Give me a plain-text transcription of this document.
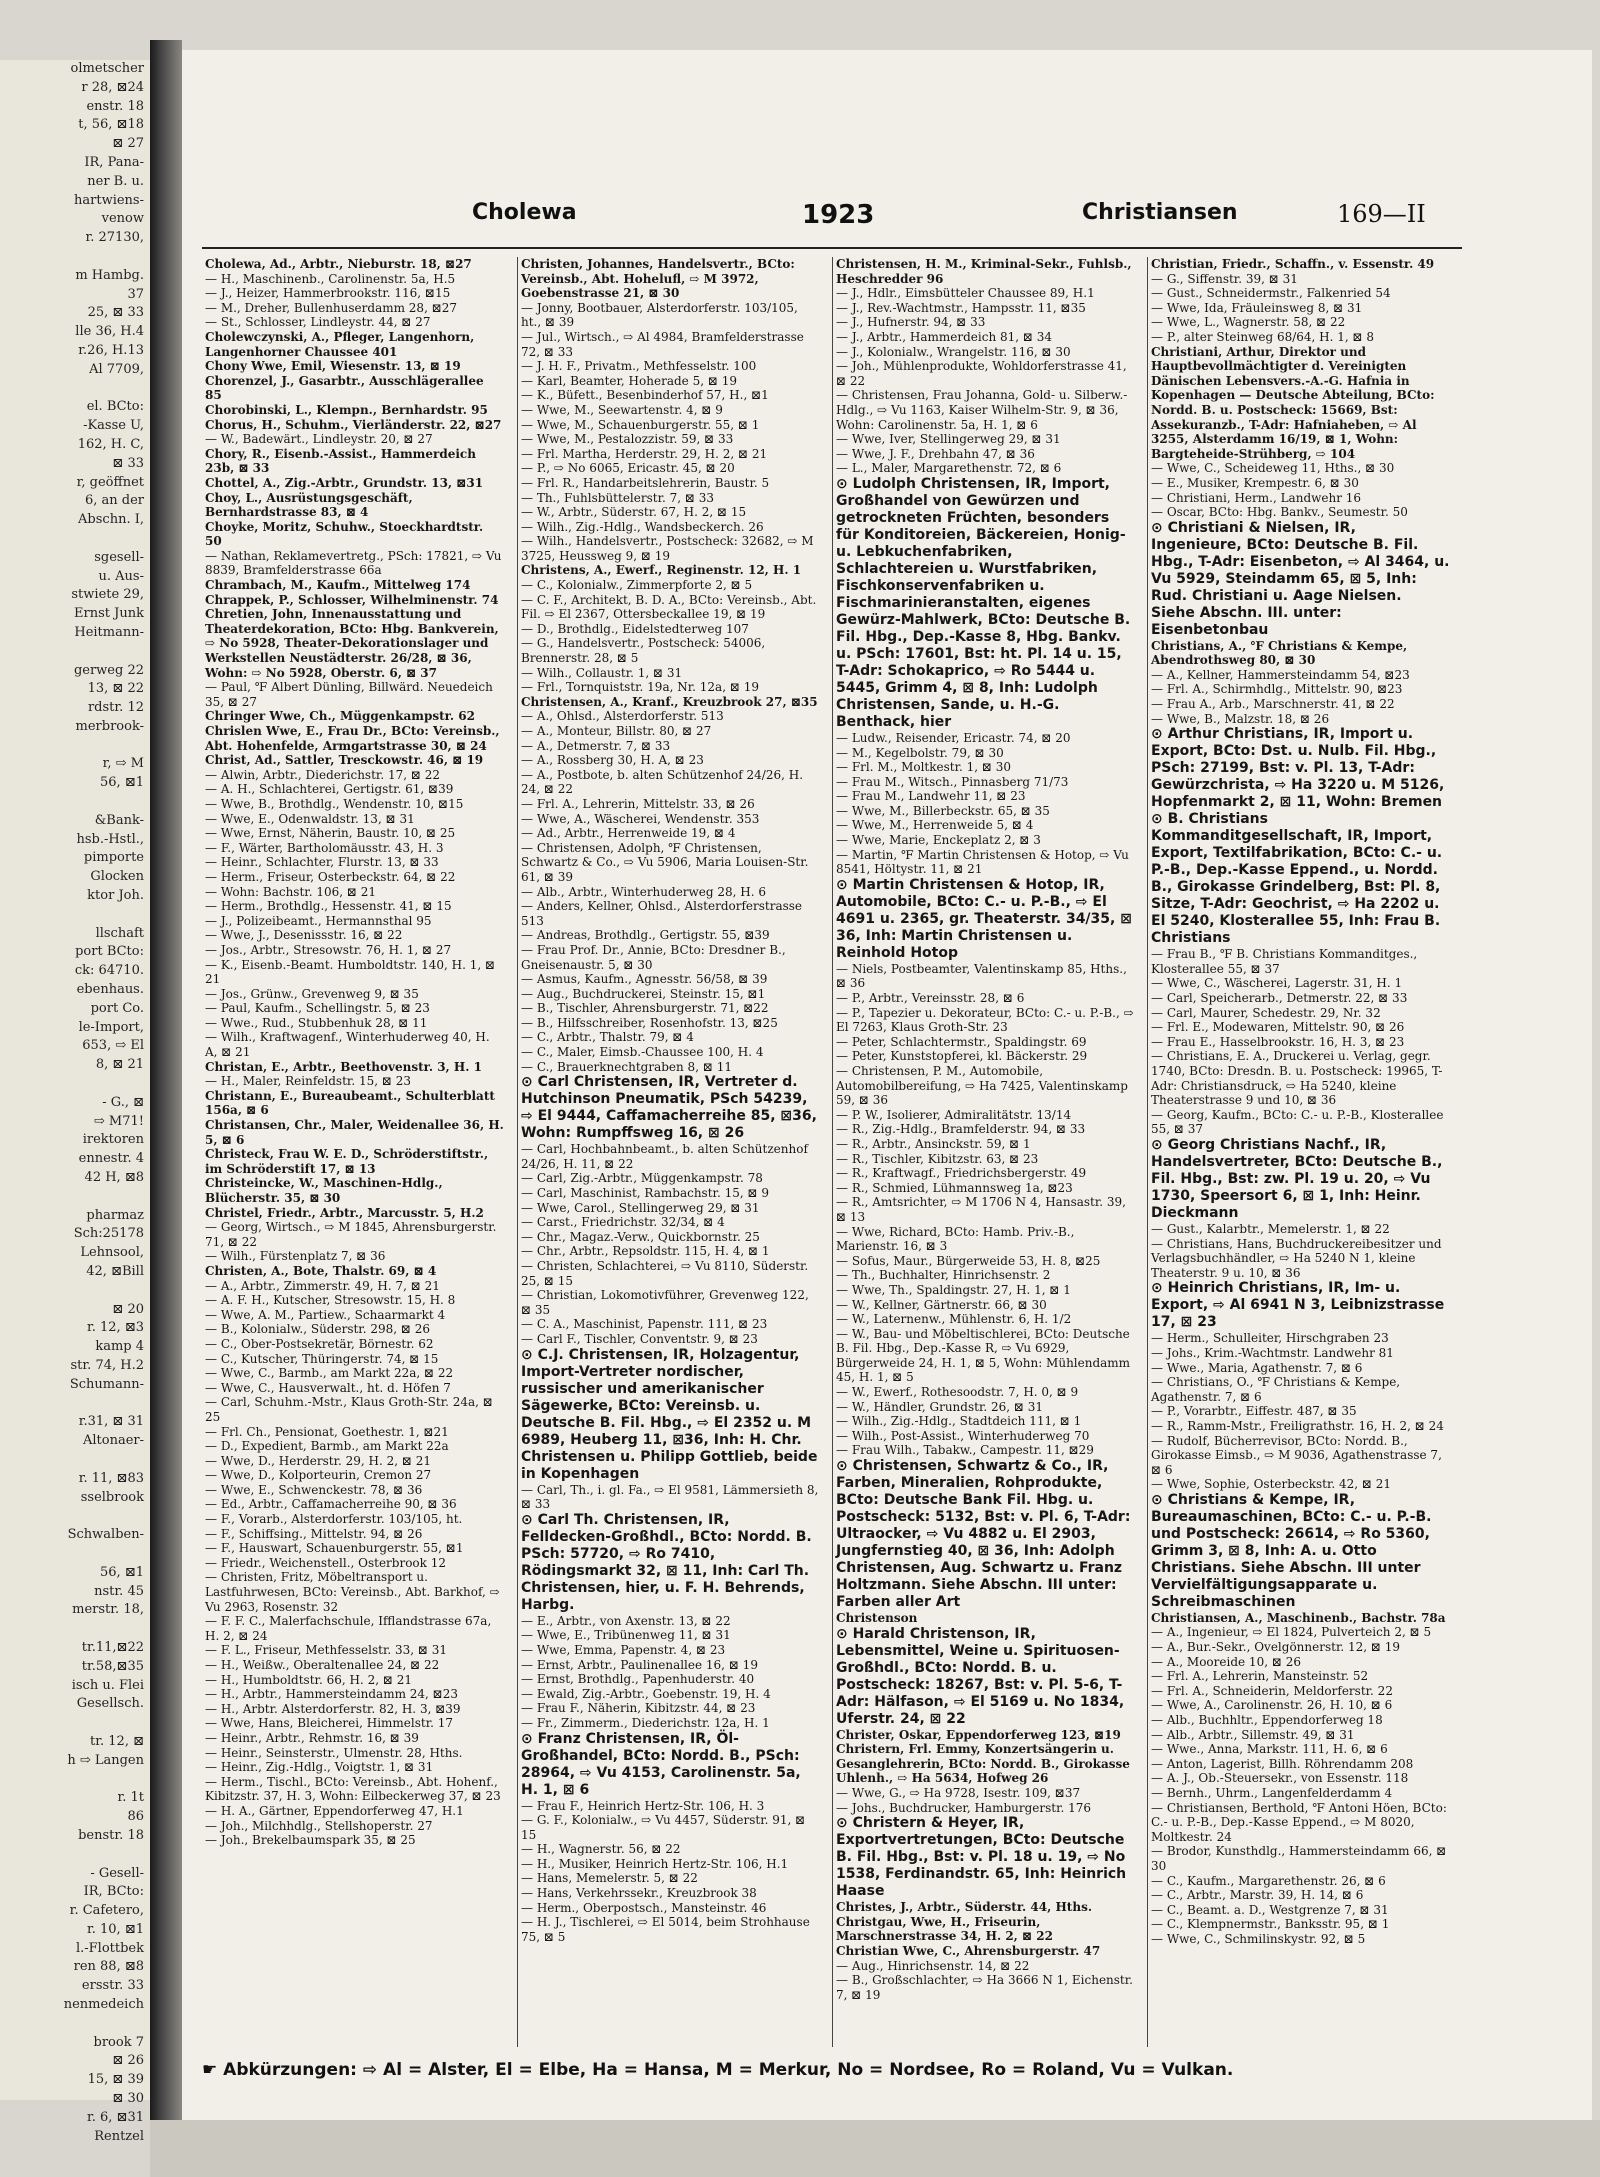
olmetscher
r 28, ⊠24
enstr. 18
t, 56, ⊠18
⊠ 27
IR, Pana-
ner B. u.
hartwiens-
venow
r. 27130,

m Hambg.
37
25, ⊠ 33
lle 36, H.4
r.26, H.13
Al 7709,

el. BCto:
-Kasse U,
162, H. C,
⊠ 33
r, geöffnet
6, an der
Abschn. I,

sgesell-
u. Aus-
stwiete 29,
Ernst Junk
Heitmann-

gerweg 22
13, ⊠ 22
rdstr. 12
merbrook-

r, ⇨ M
56, ⊠1

&Bank-
hsb.-Hstl.,
pimporte
Glocken
ktor Joh.

llschaft
port BCto:
ck: 64710.
ebenhaus.
port Co.
le-Import,
653, ⇨ El
8, ⊠ 21

- G., ⊠
⇨ M71!
irektoren
ennestr. 4
42 H, ⊠8

pharmaz
Sch:25178
Lehnsool,
42, ⊠Bill

⊠ 20
r. 12, ⊠3
kamp 4
str. 74, H.2
Schumann-

r.31, ⊠ 31
Altonaer-

r. 11, ⊠83
sselbrook

Schwalben-

56, ⊠1
nstr. 45
merstr. 18,

tr.11,⊠22
tr.58,⊠35
isch u. Flei
Gesellsch.

tr. 12, ⊠
h ⇨ Langen

r. 1t
86
benstr. 18

- Gesell-
IR, BCto:
r. Cafetero,
r. 10, ⊠1
l.-Flottbek
ren 88, ⊠8
ersstr. 33
nenmedeich

brook 7
⊠ 26
15, ⊠ 39
⊠ 30
r. 6, ⊠31
Rentzel
Cholewa	1923	Christiansen	169—II
Cholewa, Ad., Arbtr., Nieburstr. 18, ⊠27
— H., Maschinenb., Carolinenstr. 5a, H.5
— J., Heizer, Hammerbrookstr. 116, ⊠15
— M., Dreher, Bullenhuserdamm 28, ⊠27
— St., Schlosser, Lindleystr. 44, ⊠ 27
Cholewczynski, A., Pfleger, Langenhorn, Langenhorner Chaussee 401
Chony Wwe, Emil, Wiesenstr. 13, ⊠ 19
Chorenzel, J., Gasarbtr., Ausschlägerallee 85
Chorobinski, L., Klempn., Bernhardstr. 95
Chorus, H., Schuhm., Vierländerstr. 22, ⊠27
— W., Badewärt., Lindleystr. 20, ⊠ 27
Chory, R., Eisenb.-Assist., Hammerdeich 23b, ⊠ 33
Chottel, A., Zig.-Arbtr., Grundstr. 13, ⊠31
Choy, L., Ausrüstungsgeschäft, Bernhardstrasse 83, ⊠ 4
Choyke, Moritz, Schuhw., Stoeckhardtstr. 50
— Nathan, Reklamevertretg., PSch: 17821, ⇨ Vu 8839, Bramfelderstrasse 66a
Chrambach, M., Kaufm., Mittelweg 174
Chrappek, P., Schlosser, Wilhelminenstr. 74
Chretien, John, Innenausstattung und Theaterdekoration, BCto: Hbg. Bankverein, ⇨ No 5928, Theater-Dekorationslager und Werkstellen Neustädterstr. 26/28, ⊠ 36, Wohn: ⇨ No 5928, Oberstr. 6, ⊠ 37
— Paul, ℉ Albert Dünling, Billwärd. Neuedeich 35, ⊠ 27
Chringer Wwe, Ch., Müggenkampstr. 62
Chrislen Wwe, E., Frau Dr., BCto: Vereinsb., Abt. Hohenfelde, Armgartstrasse 30, ⊠ 24
Christ, Ad., Sattler, Tresckowstr. 46, ⊠ 19
— Alwin, Arbtr., Diederichstr. 17, ⊠ 22
— A. H., Schlachterei, Gertigstr. 61, ⊠39
— Wwe, B., Brothdlg., Wendenstr. 10, ⊠15
— Wwe, E., Odenwaldstr. 13, ⊠ 31
— Wwe, Ernst, Näherin, Baustr. 10, ⊠ 25
— F., Wärter, Bartholomäusstr. 43, H. 3
— Heinr., Schlachter, Flurstr. 13, ⊠ 33
— Herm., Friseur, Osterbeckstr. 64, ⊠ 22
— Wohn: Bachstr. 106, ⊠ 21
— Herm., Brothdlg., Hessenstr. 41, ⊠ 15
— J., Polizeibeamt., Hermannsthal 95
— Wwe, J., Desenissstr. 16, ⊠ 22
— Jos., Arbtr., Stresowstr. 76, H. 1, ⊠ 27
— K., Eisenb.-Beamt. Humboldtstr. 140, H. 1, ⊠ 21
— Jos., Grünw., Grevenweg 9, ⊠ 35
— Paul, Kaufm., Schellingstr. 5, ⊠ 23
— Wwe., Rud., Stubbenhuk 28, ⊠ 11
— Wilh., Kraftwagenf., Winterhuderweg 40, H. A, ⊠ 21
Christan, E., Arbtr., Beethovenstr. 3, H. 1
— H., Maler, Reinfeldstr. 15, ⊠ 23
Christann, E., Bureaubeamt., Schulterblatt 156a, ⊠ 6
Christansen, Chr., Maler, Weidenallee 36, H. 5, ⊠ 6
Christeck, Frau W. E. D., Schröderstiftstr., im Schröderstift 17, ⊠ 13
Christeincke, W., Maschinen-Hdlg., Blücherstr. 35, ⊠ 30
Christel, Friedr., Arbtr., Marcusstr. 5, H.2
— Georg, Wirtsch., ⇨ M 1845, Ahrensburgerstr. 71, ⊠ 22
— Wilh., Fürstenplatz 7, ⊠ 36
Christen, A., Bote, Thalstr. 69, ⊠ 4
— A., Arbtr., Zimmerstr. 49, H. 7, ⊠ 21
— A. F. H., Kutscher, Stresowstr. 15, H. 8
— Wwe, A. M., Partiew., Schaarmarkt 4
— B., Kolonialw., Süderstr. 298, ⊠ 26
— C., Ober-Postsekretär, Börnestr. 62
— C., Kutscher, Thüringerstr. 74, ⊠ 15
— Wwe, C., Barmb., am Markt 22a, ⊠ 22
— Wwe, C., Hausverwalt., ht. d. Höfen 7
— Carl, Schuhm.-Mstr., Klaus Groth-Str. 24a, ⊠ 25
— Frl. Ch., Pensionat, Goethestr. 1, ⊠21
— D., Expedient, Barmb., am Markt 22a
— Wwe, D., Herderstr. 29, H. 2, ⊠ 21
— Wwe, D., Kolporteurin, Cremon 27
— Wwe, E., Schwenckestr. 78, ⊠ 36
— Ed., Arbtr., Caffamacherreihe 90, ⊠ 36
— F., Vorarb., Alsterdorferstr. 103/105, ht.
— F., Schiffsing., Mittelstr. 94, ⊠ 26
— F., Hauswart, Schauenburgerstr. 55, ⊠1
— Friedr., Weichenstell., Osterbrook 12
— Christen, Fritz, Möbeltransport u. Lastfuhrwesen, BCto: Vereinsb., Abt. Barkhof, ⇨ Vu 2963, Rosenstr. 32
— F. F. C., Malerfachschule, Ifflandstrasse 67a, H. 2, ⊠ 24
— F. L., Friseur, Methfesselstr. 33, ⊠ 31
— H., Weißw., Oberaltenallee 24, ⊠ 22
— H., Humboldtstr. 66, H. 2, ⊠ 21
— H., Arbtr., Hammersteindamm 24, ⊠23
— H., Arbtr. Alsterdorferstr. 82, H. 3, ⊠39
— Wwe, Hans, Bleicherei, Himmelstr. 17
— Heinr., Arbtr., Rehmstr. 16, ⊠ 39
— Heinr., Seinsterstr., Ulmenstr. 28, Hths.
— Heinr., Zig.-Hdlg., Voigtstr. 1, ⊠ 31
— Herm., Tischl., BCto: Vereinsb., Abt. Hohenf., Kibitzstr. 37, H. 3, Wohn: Eilbeckerweg 37, ⊠ 23
— H. A., Gärtner, Eppendorferweg 47, H.1
— Joh., Milchhdlg., Stellshoperstr. 27
— Joh., Brekelbaumspark 35, ⊠ 25
Christen, Johannes, Handelsvertr., BCto: Vereinsb., Abt. Hohelufl, ⇨ M 3972, Goebenstrasse 21, ⊠ 30
— Jonny, Bootbauer, Alsterdorferstr. 103/105, ht., ⊠ 39
— Jul., Wirtsch., ⇨ Al 4984, Bramfelderstrasse 72, ⊠ 33
— J. H. F., Privatm., Methfesselstr. 100
— Karl, Beamter, Hoherade 5, ⊠ 19
— K., Büfett., Besenbinderhof 57, H., ⊠1
— Wwe, M., Seewartenstr. 4, ⊠ 9
— Wwe, M., Schauenburgerstr. 55, ⊠ 1
— Wwe, M., Pestalozzistr. 59, ⊠ 33
— Frl. Martha, Herderstr. 29, H. 2, ⊠ 21
— P., ⇨ No 6065, Ericastr. 45, ⊠ 20
— Frl. R., Handarbeitslehrerin, Baustr. 5
— Th., Fuhlsbüttelerstr. 7, ⊠ 33
— W., Arbtr., Süderstr. 67, H. 2, ⊠ 15
— Wilh., Zig.-Hdlg., Wandsbeckerch. 26
— Wilh., Handelsvertr., Postscheck: 32682, ⇨ M 3725, Heussweg 9, ⊠ 19
Christens, A., Ewerf., Reginenstr. 12, H. 1
— C., Kolonialw., Zimmerpforte 2, ⊠ 5
— C. F., Architekt, B. D. A., BCto: Vereinsb., Abt. Fil. ⇨ El 2367, Ottersbeckallee 19, ⊠ 19
— D., Brothdlg., Eidelstedterweg 107
— G., Handelsvertr., Postscheck: 54006, Brennerstr. 28, ⊠ 5
— Wilh., Collaustr. 1, ⊠ 31
— Frl., Tornquiststr. 19a, Nr. 12a, ⊠ 19
Christensen, A., Kranf., Kreuzbrook 27, ⊠35
— A., Ohlsd., Alsterdorferstr. 513
— A., Monteur, Billstr. 80, ⊠ 27
— A., Detmerstr. 7, ⊠ 33
— A., Rossberg 30, H. A, ⊠ 23
— A., Postbote, b. alten Schützenhof 24/26, H. 24, ⊠ 22
— Frl. A., Lehrerin, Mittelstr. 33, ⊠ 26
— Wwe, A., Wäscherei, Wendenstr. 353
— Ad., Arbtr., Herrenweide 19, ⊠ 4
— Christensen, Adolph, ℉ Christensen, Schwartz & Co., ⇨ Vu 5906, Maria Louisen-Str. 61, ⊠ 39
— Alb., Arbtr., Winterhuderweg 28, H. 6
— Anders, Kellner, Ohlsd., Alsterdorferstrasse 513
— Andreas, Brothdlg., Gertigstr. 55, ⊠39
— Frau Prof. Dr., Annie, BCto: Dresdner B., Gneisenaustr. 5, ⊠ 30
— Asmus, Kaufm., Agnesstr. 56/58, ⊠ 39
— Aug., Buchdruckerei, Steinstr. 15, ⊠1
— B., Tischler, Ahrensburgerstr. 71, ⊠22
— B., Hilfsschreiber, Rosenhofstr. 13, ⊠25
— C., Arbtr., Thalstr. 79, ⊠ 4
— C., Maler, Eimsb.-Chaussee 100, H. 4
— C., Brauerknechtgraben 8, ⊠ 11
⊙ Carl Christensen, IR, Vertreter d. Hutchinson Pneumatik, PSch 54239, ⇨ El 9444, Caffamacherreihe 85, ⊠36, Wohn: Rumpffsweg 16, ⊠ 26
— Carl, Hochbahnbeamt., b. alten Schützenhof 24/26, H. 11, ⊠ 22
— Carl, Zig.-Arbtr., Müggenkampstr. 78
— Carl, Maschinist, Rambachstr. 15, ⊠ 9
— Wwe, Carol., Stellingerweg 29, ⊠ 31
— Carst., Friedrichstr. 32/34, ⊠ 4
— Chr., Magaz.-Verw., Quickbornstr. 25
— Chr., Arbtr., Repsoldstr. 115, H. 4, ⊠ 1
— Christen, Schlachterei, ⇨ Vu 8110, Süderstr. 25, ⊠ 15
— Christian, Lokomotivführer, Grevenweg 122, ⊠ 35
— C. A., Maschinist, Papenstr. 111, ⊠ 23
— Carl F., Tischler, Conventstr. 9, ⊠ 23
⊙ C.J. Christensen, IR, Holzagentur, Import-Vertreter nordischer, russischer und amerikanischer Sägewerke, BCto: Vereinsb. u. Deutsche B. Fil. Hbg., ⇨ El 2352 u. M 6989, Heuberg 11, ⊠36, Inh: H. Chr. Christensen u. Philipp Gottlieb, beide in Kopenhagen
— Carl, Th., i. gl. Fa., ⇨ El 9581, Lämmersieth 8, ⊠ 33
⊙ Carl Th. Christensen, IR, Felldecken-Großhdl., BCto: Nordd. B. PSch: 57720, ⇨ Ro 7410, Rödingsmarkt 32, ⊠ 11, Inh: Carl Th. Christensen, hier, u. F. H. Behrends, Harbg.
— E., Arbtr., von Axenstr. 13, ⊠ 22
— Wwe, E., Tribünenweg 11, ⊠ 31
— Wwe, Emma, Papenstr. 4, ⊠ 23
— Ernst, Arbtr., Paulinenallee 16, ⊠ 19
— Ernst, Brothdlg., Papenhuderstr. 40
— Ewald, Zig.-Arbtr., Goebenstr. 19, H. 4
— Frau F., Näherin, Kibitzstr. 44, ⊠ 23
— Fr., Zimmerm., Diederichstr. 12a, H. 1
⊙ Franz Christensen, IR, Öl-Großhandel, BCto: Nordd. B., PSch: 28964, ⇨ Vu 4153, Carolinenstr. 5a, H. 1, ⊠ 6
— Frau F., Heinrich Hertz-Str. 106, H. 3
— G. F., Kolonialw., ⇨ Vu 4457, Süderstr. 91, ⊠ 15
— H., Wagnerstr. 56, ⊠ 22
— H., Musiker, Heinrich Hertz-Str. 106, H.1
— Hans, Memelerstr. 5, ⊠ 22
— Hans, Verkehrssekr., Kreuzbrook 38
— Herm., Oberpostsch., Mansteinstr. 46
— H. J., Tischlerei, ⇨ El 5014, beim Strohhause 75, ⊠ 5
Christensen, H. M., Kriminal-Sekr., Fuhlsb., Heschredder 96
— J., Hdlr., Eimsbütteler Chaussee 89, H.1
— J., Rev.-Wachtmstr., Hampsstr. 11, ⊠35
— J., Hufnerstr. 94, ⊠ 33
— J., Arbtr., Hammerdeich 81, ⊠ 34
— J., Kolonialw., Wrangelstr. 116, ⊠ 30
— Joh., Mühlenprodukte, Wohldorferstrasse 41, ⊠ 22
— Christensen, Frau Johanna, Gold- u. Silberw.-Hdlg., ⇨ Vu 1163, Kaiser Wilhelm-Str. 9, ⊠ 36, Wohn: Carolinenstr. 5a, H. 1, ⊠ 6
— Wwe, Iver, Stellingerweg 29, ⊠ 31
— Wwe, J. F., Drehbahn 47, ⊠ 36
— L., Maler, Margarethenstr. 72, ⊠ 6
⊙ Ludolph Christensen, IR, Import, Großhandel von Gewürzen und getrockneten Früchten, besonders für Konditoreien, Bäckereien, Honig- u. Lebkuchenfabriken, Schlachtereien u. Wurstfabriken, Fischkonservenfabriken u. Fischmarinieranstalten, eigenes Gewürz-Mahlwerk, BCto: Deutsche B. Fil. Hbg., Dep.-Kasse 8, Hbg. Bankv. u. PSch: 17601, Bst: ht. Pl. 14 u. 15, T-Adr: Schokaprico, ⇨ Ro 5444 u. 5445, Grimm 4, ⊠ 8, Inh: Ludolph Christensen, Sande, u. H.-G. Benthack, hier
— Ludw., Reisender, Ericastr. 74, ⊠ 20
— M., Kegelbolstr. 79, ⊠ 30
— Frl. M., Moltkestr. 1, ⊠ 30
— Frau M., Witsch., Pinnasberg 71/73
— Frau M., Landwehr 11, ⊠ 23
— Wwe, M., Billerbeckstr. 65, ⊠ 35
— Wwe, M., Herrenweide 5, ⊠ 4
— Wwe, Marie, Enckeplatz 2, ⊠ 3
— Martin, ℉ Martin Christensen & Hotop, ⇨ Vu 8541, Höltystr. 11, ⊠ 21
⊙ Martin Christensen & Hotop, IR, Automobile, BCto: C.- u. P.-B., ⇨ El 4691 u. 2365, gr. Theaterstr. 34/35, ⊠ 36, Inh: Martin Christensen u. Reinhold Hotop
— Niels, Postbeamter, Valentinskamp 85, Hths., ⊠ 36
— P., Arbtr., Vereinsstr. 28, ⊠ 6
— P., Tapezier u. Dekorateur, BCto: C.- u. P.-B., ⇨ El 7263, Klaus Groth-Str. 23
— Peter, Schlachtermstr., Spaldingstr. 69
— Peter, Kunststopferei, kl. Bäckerstr. 29
— Christensen, P. M., Automobile, Automobilbereifung, ⇨ Ha 7425, Valentinskamp 59, ⊠ 36
— P. W., Isolierer, Admiralitätstr. 13/14
— R., Zig.-Hdlg., Bramfelderstr. 94, ⊠ 33
— R., Arbtr., Ansinckstr. 59, ⊠ 1
— R., Tischler, Kibitzstr. 63, ⊠ 23
— R., Kraftwagf., Friedrichsbergerstr. 49
— R., Schmied, Lühmannsweg 1a, ⊠23
— R., Amtsrichter, ⇨ M 1706 N 4, Hansastr. 39, ⊠ 13
— Wwe, Richard, BCto: Hamb. Priv.-B., Marienstr. 16, ⊠ 3
— Sofus, Maur., Bürgerweide 53, H. 8, ⊠25
— Th., Buchhalter, Hinrichsenstr. 2
— Wwe, Th., Spaldingstr. 27, H. 1, ⊠ 1
— W., Kellner, Gärtnerstr. 66, ⊠ 30
— W., Laternenw., Mühlenstr. 6, H. 1/2
— W., Bau- und Möbeltischlerei, BCto: Deutsche B. Fil. Hbg., Dep.-Kasse R, ⇨ Vu 6929, Bürgerweide 24, H. 1, ⊠ 5, Wohn: Mühlendamm 45, H. 1, ⊠ 5
— W., Ewerf., Rothesoodstr. 7, H. 0, ⊠ 9
— W., Händler, Grundstr. 26, ⊠ 31
— Wilh., Zig.-Hdlg., Stadtdeich 111, ⊠ 1
— Wilh., Post-Assist., Winterhuderweg 70
— Frau Wilh., Tabakw., Campestr. 11, ⊠29
⊙ Christensen, Schwartz & Co., IR, Farben, Mineralien, Rohprodukte, BCto: Deutsche Bank Fil. Hbg. u. Postscheck: 5132, Bst: v. Pl. 6, T-Adr: Ultraocker, ⇨ Vu 4882 u. El 2903, Jungfernstieg 40, ⊠ 36, Inh: Adolph Christensen, Aug. Schwartz u. Franz Holtzmann. Siehe Abschn. III unter: Farben aller Art
Christenson
⊙ Harald Christenson, IR, Lebensmittel, Weine u. Spirituosen-Großhdl., BCto: Nordd. B. u. Postscheck: 18267, Bst: v. Pl. 5-6, T-Adr: Hälfason, ⇨ El 5169 u. No 1834, Uferstr. 24, ⊠ 22
Christer, Oskar, Eppendorferweg 123, ⊠19
Christern, Frl. Emmy, Konzertsängerin u. Gesanglehrerin, BCto: Nordd. B., Girokasse Uhlenh., ⇨ Ha 5634, Hofweg 26
— Wwe, G., ⇨ Ha 9728, Isestr. 109, ⊠37
— Johs., Buchdrucker, Hamburgerstr. 176
⊙ Christern & Heyer, IR, Exportvertretungen, BCto: Deutsche B. Fil. Hbg., Bst: v. Pl. 18 u. 19, ⇨ No 1538, Ferdinandstr. 65, Inh: Heinrich Haase
Christes, J., Arbtr., Süderstr. 44, Hths.
Christgau, Wwe, H., Friseurin, Marschnerstrasse 34, H. 2, ⊠ 22
Christian Wwe, C., Ahrensburgerstr. 47
— Aug., Hinrichsenstr. 14, ⊠ 22
— B., Großschlachter, ⇨ Ha 3666 N 1, Eichenstr. 7, ⊠ 19
Christian, Friedr., Schaffn., v. Essenstr. 49
— G., Siffenstr. 39, ⊠ 31
— Gust., Schneidermstr., Falkenried 54
— Wwe, Ida, Fräuleinsweg 8, ⊠ 31
— Wwe, L., Wagnerstr. 58, ⊠ 22
— P., alter Steinweg 68/64, H. 1, ⊠ 8
Christiani, Arthur, Direktor und Hauptbevollmächtigter d. Vereinigten Dänischen Lebensvers.-A.-G. Hafnia in Kopenhagen — Deutsche Abteilung, BCto: Nordd. B. u. Postscheck: 15669, Bst: Assekuranzb., T-Adr: Hafniaheben, ⇨ Al 3255, Alsterdamm 16/19, ⊠ 1, Wohn: Bargteheide-Strühberg, ⇨ 104
— Wwe, C., Scheideweg 11, Hths., ⊠ 30
— E., Musiker, Krempestr. 6, ⊠ 30
— Christiani, Herm., Landwehr 16
— Oscar, BCto: Hbg. Bankv., Seumestr. 50
⊙ Christiani & Nielsen, IR, Ingenieure, BCto: Deutsche B. Fil. Hbg., T-Adr: Eisenbeton, ⇨ Al 3464, u. Vu 5929, Steindamm 65, ⊠ 5, Inh: Rud. Christiani u. Aage Nielsen. Siehe Abschn. III. unter: Eisenbetonbau
Christians, A., ℉ Christians & Kempe, Abendrothsweg 80, ⊠ 30
— A., Kellner, Hammersteindamm 54, ⊠23
— Frl. A., Schirmhdlg., Mittelstr. 90, ⊠23
— Frau A., Arb., Marschnerstr. 41, ⊠ 22
— Wwe, B., Malzstr. 18, ⊠ 26
⊙ Arthur Christians, IR, Import u. Export, BCto: Dst. u. Nulb. Fil. Hbg., PSch: 27199, Bst: v. Pl. 13, T-Adr: Gewürzchrista, ⇨ Ha 3220 u. M 5126, Hopfenmarkt 2, ⊠ 11, Wohn: Bremen
⊙ B. Christians Kommanditgesellschaft, IR, Import, Export, Textilfabrikation, BCto: C.- u. P.-B., Dep.-Kasse Eppend., u. Nordd. B., Girokasse Grindelberg, Bst: Pl. 8, Sitze, T-Adr: Geochrist, ⇨ Ha 2202 u. El 5240, Klosterallee 55, Inh: Frau B. Christians
— Frau B., ℉ B. Christians Kommanditges., Klosterallee 55, ⊠ 37
— Wwe, C., Wäscherei, Lagerstr. 31, H. 1
— Carl, Speicherarb., Detmerstr. 22, ⊠ 33
— Carl, Maurer, Schedestr. 29, Nr. 32
— Frl. E., Modewaren, Mittelstr. 90, ⊠ 26
— Frau E., Hasselbrookstr. 16, H. 3, ⊠ 23
— Christians, E. A., Druckerei u. Verlag, gegr. 1740, BCto: Dresdn. B. u. Postscheck: 19965, T-Adr: Christiansdruck, ⇨ Ha 5240, kleine Theaterstrasse 9 und 10, ⊠ 36
— Georg, Kaufm., BCto: C.- u. P.-B., Klosterallee 55, ⊠ 37
⊙ Georg Christians Nachf., IR, Handelsvertreter, BCto: Deutsche B., Fil. Hbg., Bst: zw. Pl. 19 u. 20, ⇨ Vu 1730, Speersort 6, ⊠ 1, Inh: Heinr. Dieckmann
— Gust., Kalarbtr., Memelerstr. 1, ⊠ 22
— Christians, Hans, Buchdruckereibesitzer und Verlagsbuchhändler, ⇨ Ha 5240 N 1, kleine Theaterstr. 9 u. 10, ⊠ 36
⊙ Heinrich Christians, IR, Im- u. Export, ⇨ Al 6941 N 3, Leibnizstrasse 17, ⊠ 23
— Herm., Schulleiter, Hirschgraben 23
— Johs., Krim.-Wachtmstr. Landwehr 81
— Wwe., Maria, Agathenstr. 7, ⊠ 6
— Christians, O., ℉ Christians & Kempe, Agathenstr. 7, ⊠ 6
— P., Vorarbtr., Eiffestr. 487, ⊠ 35
— R., Ramm-Mstr., Freiligrathstr. 16, H. 2, ⊠ 24
— Rudolf, Bücherrevisor, BCto: Nordd. B., Girokasse Eimsb., ⇨ M 9036, Agathenstrasse 7, ⊠ 6
— Wwe, Sophie, Osterbeckstr. 42, ⊠ 21
⊙ Christians & Kempe, IR, Bureaumaschinen, BCto: C.- u. P.-B. und Postscheck: 26614, ⇨ Ro 5360, Grimm 3, ⊠ 8, Inh: A. u. Otto Christians. Siehe Abschn. III unter Vervielfältigungsapparate u. Schreibmaschinen
Christiansen, A., Maschinenb., Bachstr. 78a
— A., Ingenieur, ⇨ El 1824, Pulverteich 2, ⊠ 5
— A., Bur.-Sekr., Ovelgönnerstr. 12, ⊠ 19
— A., Mooreide 10, ⊠ 26
— Frl. A., Lehrerin, Mansteinstr. 52
— Frl. A., Schneiderin, Meldorferstr. 22
— Wwe, A., Carolinenstr. 26, H. 10, ⊠ 6
— Alb., Buchhltr., Eppendorferweg 18
— Alb., Arbtr., Sillemstr. 49, ⊠ 31
— Wwe., Anna, Markstr. 111, H. 6, ⊠ 6
— Anton, Lagerist, Billh. Röhrendamm 208
— A. J., Ob.-Steuersekr., von Essenstr. 118
— Bernh., Uhrm., Langenfelderdamm 4
— Christiansen, Berthold, ℉ Antoni Höen, BCto: C.- u. P.-B., Dep.-Kasse Eppend., ⇨ M 8020, Moltkestr. 24
— Brodor, Kunsthdlg., Hammersteindamm 66, ⊠ 30
— C., Kaufm., Margarethenstr. 26, ⊠ 6
— C., Arbtr., Marstr. 39, H. 14, ⊠ 6
— C., Beamt. a. D., Westgrenze 7, ⊠ 31
— C., Klempnermstr., Banksstr. 95, ⊠ 1
— Wwe, C., Schmilinskystr. 92, ⊠ 5
☛ Abkürzungen: ⇨ Al = Alster, El = Elbe, Ha = Hansa, M = Merkur, No = Nordsee, Ro = Roland, Vu = Vulkan.
